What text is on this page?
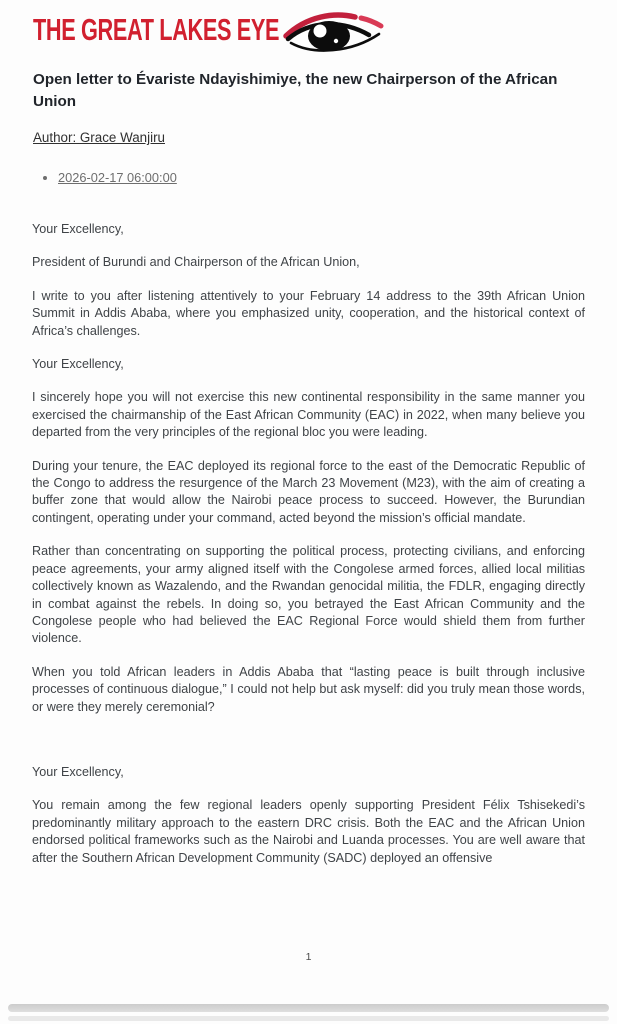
THE GREAT LAKES EYE
Open letter to Évariste Ndayishimiye, the new Chairperson of the African Union
Author: Grace Wanjiru
• 2026-02-17 06:00:00

Your Excellency,

President of Burundi and Chairperson of the African Union,

I write to you after listening attentively to your February 14 address to the 39th African Union Summit in Addis Ababa, where you emphasized unity, cooperation, and the historical context of Africa’s challenges.

Your Excellency,

I sincerely hope you will not exercise this new continental responsibility in the same manner you exercised the chairmanship of the East African Community (EAC) in 2022, when many believe you departed from the very principles of the regional bloc you were leading.

During your tenure, the EAC deployed its regional force to the east of the Democratic Republic of the Congo to address the resurgence of the March 23 Movement (M23), with the aim of creating a buffer zone that would allow the Nairobi peace process to succeed. However, the Burundian contingent, operating under your command, acted beyond the mission’s official mandate.

Rather than concentrating on supporting the political process, protecting civilians, and enforcing peace agreements, your army aligned itself with the Congolese armed forces, allied local militias collectively known as Wazalendo, and the Rwandan genocidal militia, the FDLR, engaging directly in combat against the rebels. In doing so, you betrayed the East African Community and the Congolese people who had believed the EAC Regional Force would shield them from further violence.

When you told African leaders in Addis Ababa that “lasting peace is built through inclusive processes of continuous dialogue,” I could not help but ask myself: did you truly mean those words, or were they merely ceremonial?

Your Excellency,

You remain among the few regional leaders openly supporting President Félix Tshisekedi’s predominantly military approach to the eastern DRC crisis. Both the EAC and the African Union endorsed political frameworks such as the Nairobi and Luanda processes. You are well aware that after the Southern African Development Community (SADC) deployed an offensive

1
